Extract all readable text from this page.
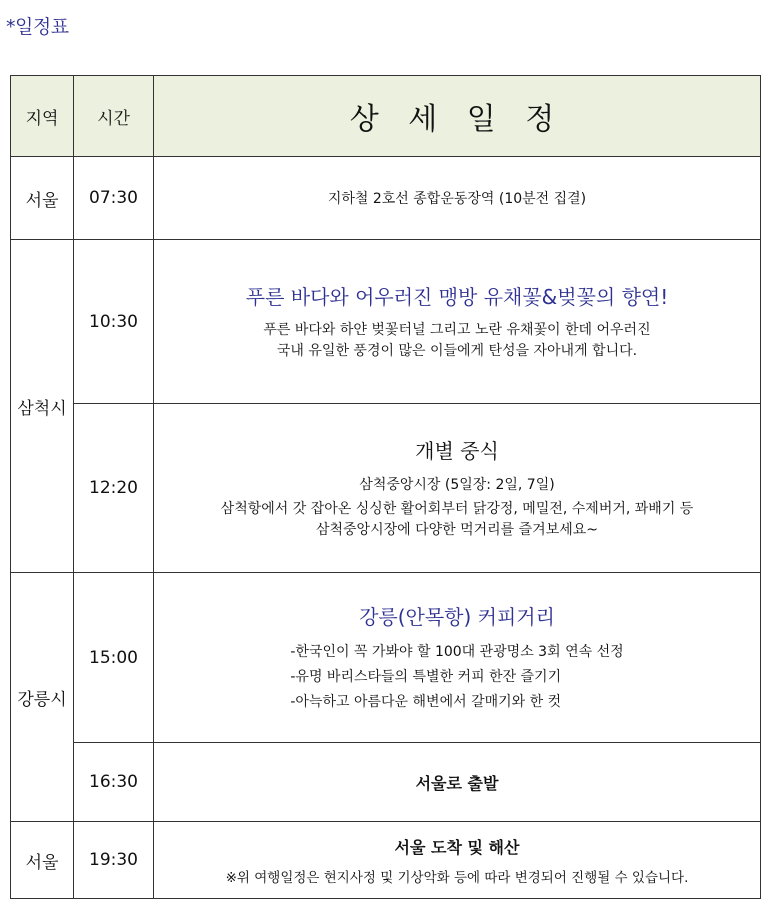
*일정표
지역	시간	상 세 일 정
서울	07:30	지하철 2호선 종합운동장역 (10분전 집결)

삼척시	10:30	푸른 바다와 어우러진 맹방 유채꽃&벚꽃의 향연!
푸른 바다와 하얀 벚꽃터널 그리고 노란 유채꽃이 한데 어우러진
국내 유일한 풍경이 많은 이들에게 탄성을 자아내게 합니다.

	12:20	개별 중식
삼척중앙시장 (5일장: 2일, 7일)
삼척항에서 갓 잡아온 싱싱한 활어회부터 닭강정, 메밀전, 수제버거, 꽈배기 등
삼척중앙시장에 다양한 먹거리를 즐겨보세요~

강릉시	15:00	강릉(안목항) 커피거리
-한국인이 꼭 가봐야 할 100대 관광명소 3회 연속 선정
-유명 바리스타들의 특별한 커피 한잔 즐기기
-아늑하고 아름다운 해변에서 갈매기와 한 컷

	16:30	서울로 출발

서울	19:30	서울 도착 및 해산
※위 여행일정은 현지사정 및 기상악화 등에 따라 변경되어 진행될 수 있습니다.
